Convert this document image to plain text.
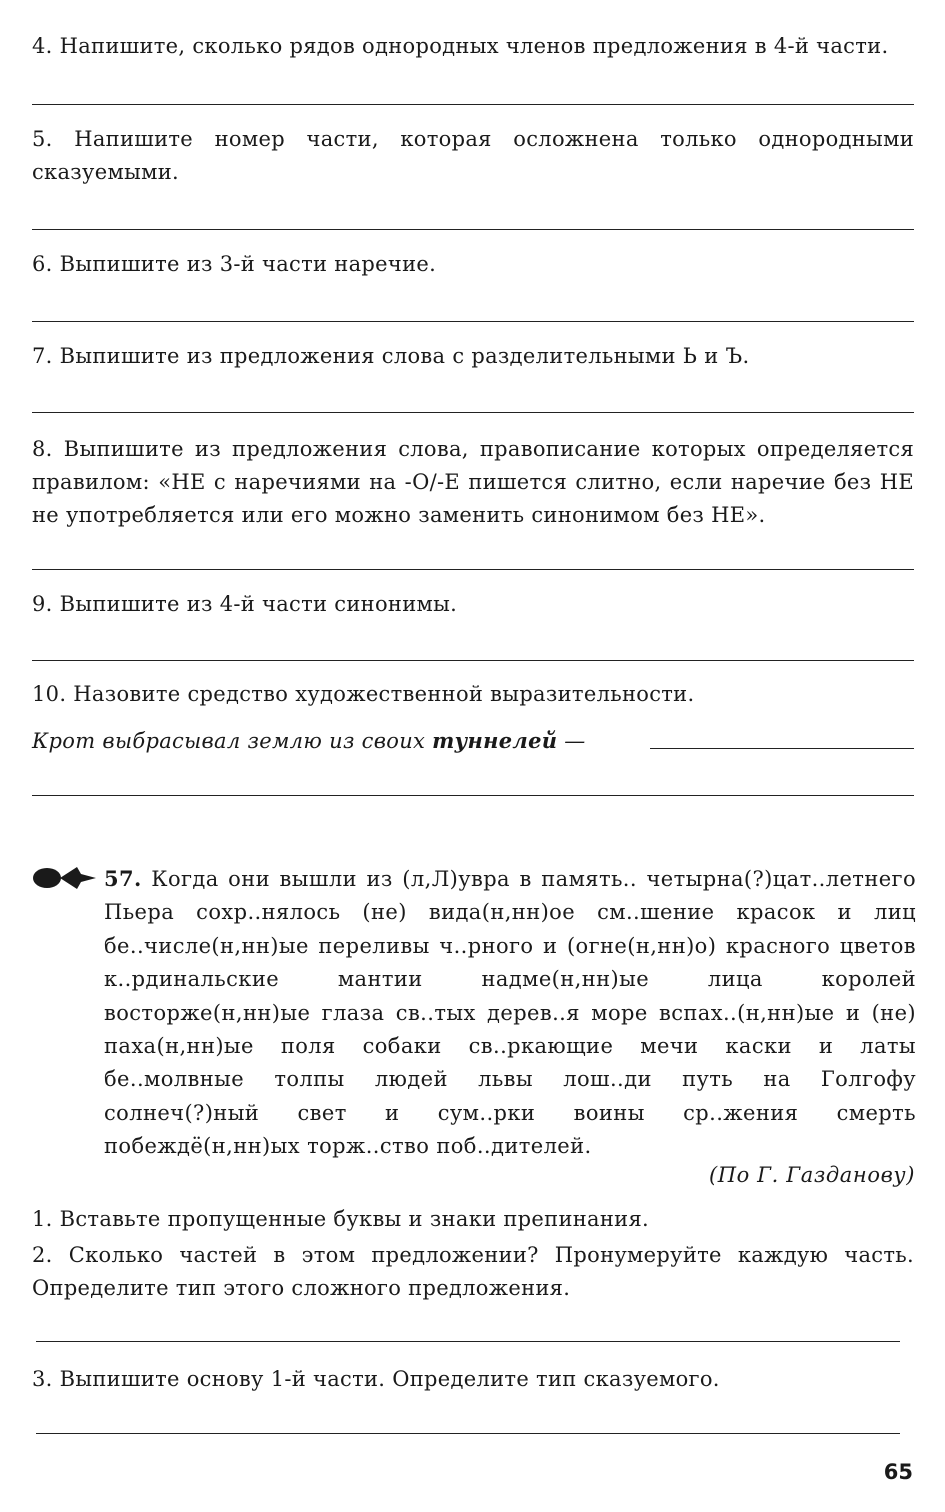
4. Напишите, сколько рядов однородных членов предложения в 4-й части.
5. Напишите номер части, которая осложнена только однородными сказуемыми.
6. Выпишите из 3-й части наречие.
7. Выпишите из предложения слова с разделительными Ь и Ъ.
8. Выпишите из предложения слова, правописание которых определяется правилом: «НЕ с наречиями на -О/-Е пишется слитно, если наречие без НЕ не употребляется или его можно заменить синонимом без НЕ».
9. Выпишите из 4-й части синонимы.
10. Назовите средство художественной выразительности.
Крот выбрасывал землю из своих туннелей —
57. Когда они вышли из (л,Л)увра в память.. четырна(?)цат..летнего Пьера сохр..нялось (не) вида(н,нн)ое см..шение красок и лиц бе..числе(н,нн)ые переливы ч..рного и (огне(н,нн)о) красного цветов к..рдинальские мантии надме(н,нн)ые лица королей восторже(н,нн)ые глаза св..тых дерев..я море вспах..(н,нн)ые и (не) паха(н,нн)ые поля собаки св..ркающие мечи каски и латы бе..молвные толпы людей львы лош..ди путь на Голгофу солнеч(?)ный свет и сум..рки воины ср..жения смерть побеждё(н,нн)ых торж..ство поб..дителей.
(По Г. Газданову)
1. Вставьте пропущенные буквы и знаки препинания.
2. Сколько частей в этом предложении? Пронумеруйте каждую часть. Определите тип этого сложного предложения.
3. Выпишите основу 1-й части. Определите тип сказуемого.
65
